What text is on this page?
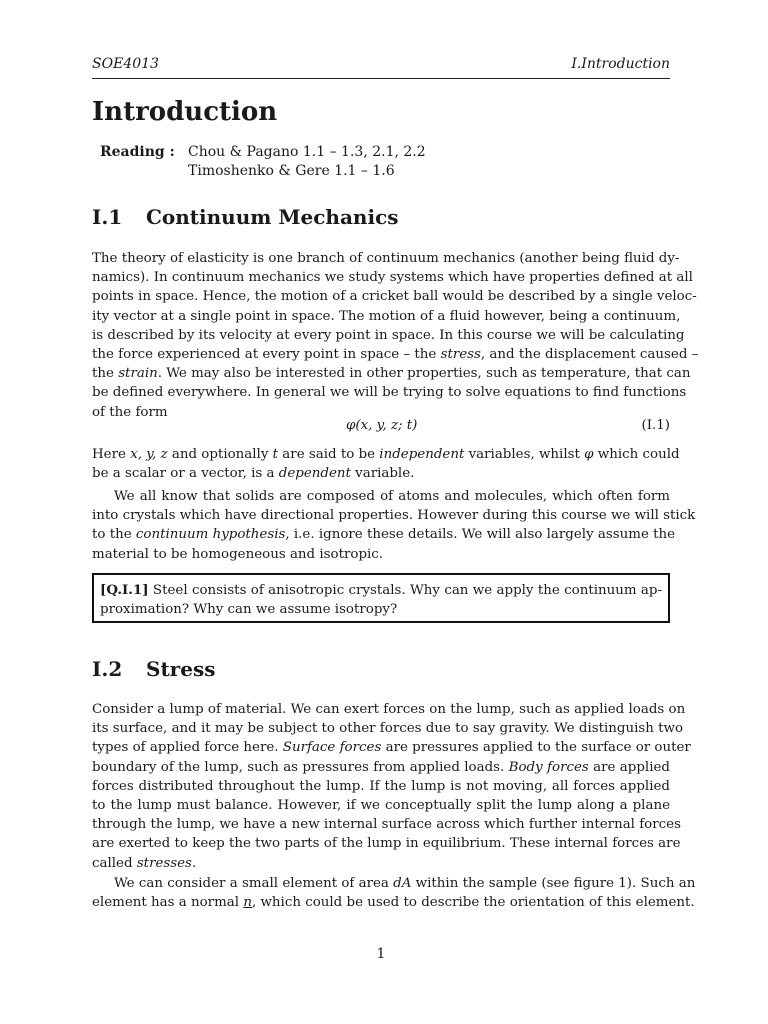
SOE4013	I.Introduction
Introduction
Reading : Chou & Pagano 1.1 – 1.3, 2.1, 2.2
Timoshenko & Gere 1.1 – 1.6
I.1 Continuum Mechanics

The theory of elasticity is one branch of continuum mechanics (another being fluid dy-
namics). In continuum mechanics we study systems which have properties defined at all
points in space. Hence, the motion of a cricket ball would be described by a single veloc-
ity vector at a single point in space. The motion of a fluid however, being a continuum,
is described by its velocity at every point in space. In this course we will be calculating
the force experienced at every point in space – the stress, and the displacement caused –
the strain. We may also be interested in other properties, such as temperature, that can
be defined everywhere. In general we will be trying to solve equations to find functions
of the form

φ(x, y, z; t)	(I.1)

Here x, y, z and optionally t are said to be independent variables, whilst φ which could
be a scalar or a vector, is a dependent variable.

We all know that solids are composed of atoms and molecules, which often form
into crystals which have directional properties. However during this course we will stick
to the continuum hypothesis, i.e. ignore these details. We will also largely assume the
material to be homogeneous and isotropic.

[Q.I.1] Steel consists of anisotropic crystals. Why can we apply the continuum ap-
proximation? Why can we assume isotropy?
I.2 Stress

Consider a lump of material. We can exert forces on the lump, such as applied loads on
its surface, and it may be subject to other forces due to say gravity. We distinguish two
types of applied force here. Surface forces are pressures applied to the surface or outer
boundary of the lump, such as pressures from applied loads. Body forces are applied
forces distributed throughout the lump. If the lump is not moving, all forces applied
to the lump must balance. However, if we conceptually split the lump along a plane
through the lump, we have a new internal surface across which further internal forces
are exerted to keep the two parts of the lump in equilibrium. These internal forces are
called stresses.

We can consider a small element of area dA within the sample (see figure 1). Such an
element has a normal n, which could be used to describe the orientation of this element.

1
